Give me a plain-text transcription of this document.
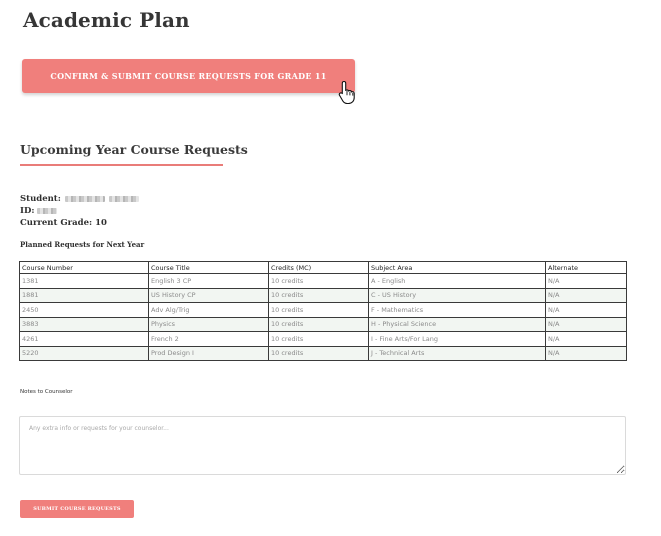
Academic Plan
CONFIRM & SUBMIT COURSE REQUESTS FOR GRADE 11
Upcoming Year Course Requests
Student:
ID:
Current Grade: 10
Planned Requests for Next Year
Course Number	Course Title	Credits (MC)	Subject Area	Alternate
1381	English 3 CP	10 credits	A - English	N/A
1881	US History CP	10 credits	C - US History	N/A
2450	Adv Alg/Trig	10 credits	F - Mathematics	N/A
3883	Physics	10 credits	H - Physical Science	N/A
4261	French 2	10 credits	I - Fine Arts/For Lang	N/A
5220	Prod Design I	10 credits	J - Technical Arts	N/A
Notes to Counselor
Any extra info or requests for your counselor...
SUBMIT COURSE REQUESTS
